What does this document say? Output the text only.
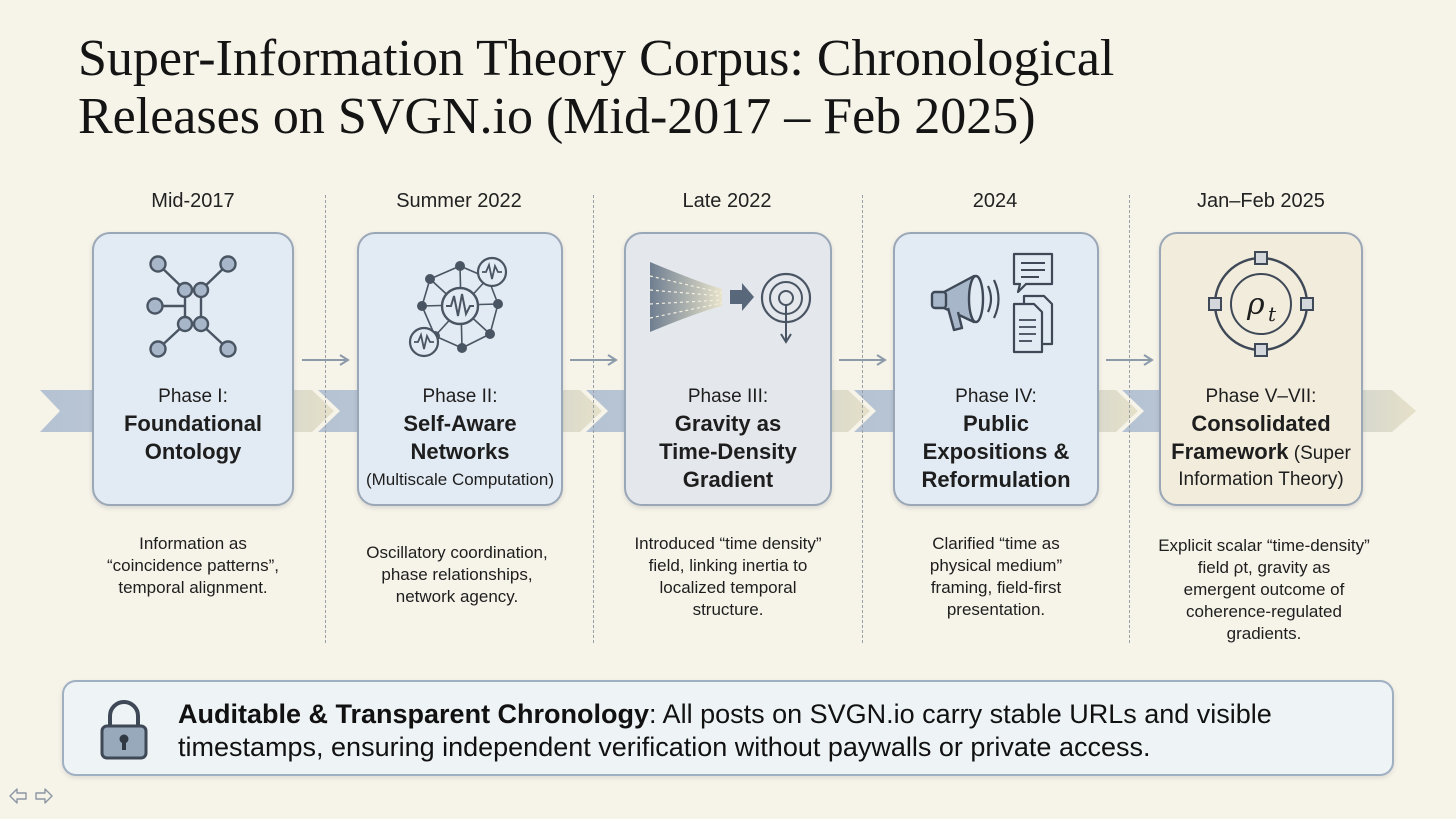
Super-Information Theory Corpus: Chronological
Releases on SVGN.io (Mid-2017 – Feb 2025)
Mid-2017	Summer 2022	Late 2022	2024	Jan–Feb 2025
Phase I:
Foundational
Ontology
Phase II:
Self-Aware
Networks
(Multiscale Computation)
Phase III:
Gravity as
Time-Density
Gradient
Phase IV:
Public
Expositions &
Reformulation
ρ t
Phase V–VII:
Consolidated
Framework (Super
Information Theory)
Information as
“coincidence patterns”,
temporal alignment.
Oscillatory coordination,
phase relationships,
network agency.
Introduced “time density”
field, linking inertia to
localized temporal
structure.
Clarified “time as
physical medium”
framing, field-first
presentation.
Explicit scalar “time-density”
field ρt, gravity as
emergent outcome of
coherence-regulated
gradients.
Auditable & Transparent Chronology: All posts on SVGN.io carry stable URLs and visible timestamps, ensuring independent verification without paywalls or private access.
